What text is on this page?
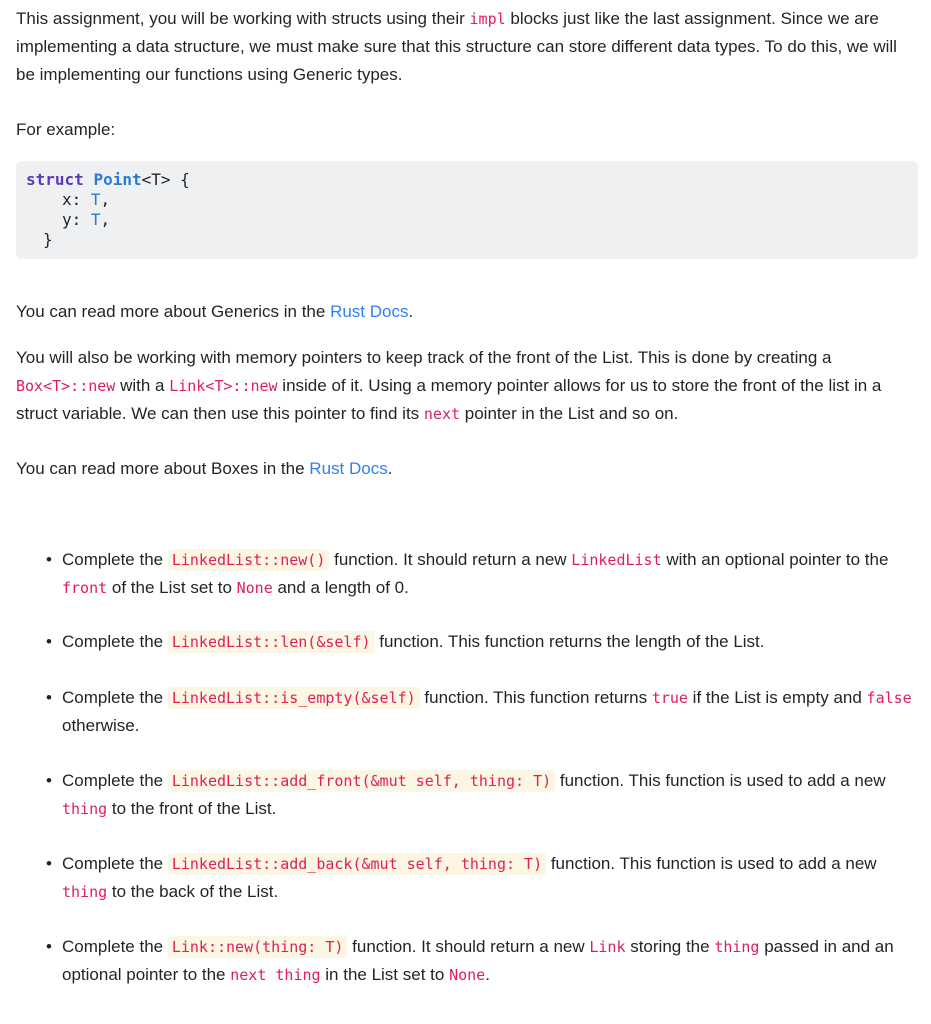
This assignment, you will be working with structs using their impl blocks just like the last assignment. Since we are implementing a data structure, we must make sure that this structure can store different data types. To do this, we will be implementing our functions using Generic types.

For example:

struct Point<T> {
x: T,
y: T,
}

You can read more about Generics in the Rust Docs.

You will also be working with memory pointers to keep track of the front of the List. This is done by creating a Box<T>::new with a Link<T>::new inside of it. Using a memory pointer allows for us to store the front of the list in a struct variable. We can then use this pointer to find its next pointer in the List and so on.

You can read more about Boxes in the Rust Docs.

• Complete the LinkedList::new() function. It should return a new LinkedList with an optional pointer to the front of the List set to None and a length of 0.

• Complete the LinkedList::len(&self) function. This function returns the length of the List.

• Complete the LinkedList::is_empty(&self) function. This function returns true if the List is empty and false otherwise.

• Complete the LinkedList::add_front(&mut self, thing: T) function. This function is used to add a new thing to the front of the List.

• Complete the LinkedList::add_back(&mut self, thing: T) function. This function is used to add a new thing to the back of the List.

• Complete the Link::new(thing: T) function. It should return a new Link storing the thing passed in and an optional pointer to the next thing in the List set to None.
